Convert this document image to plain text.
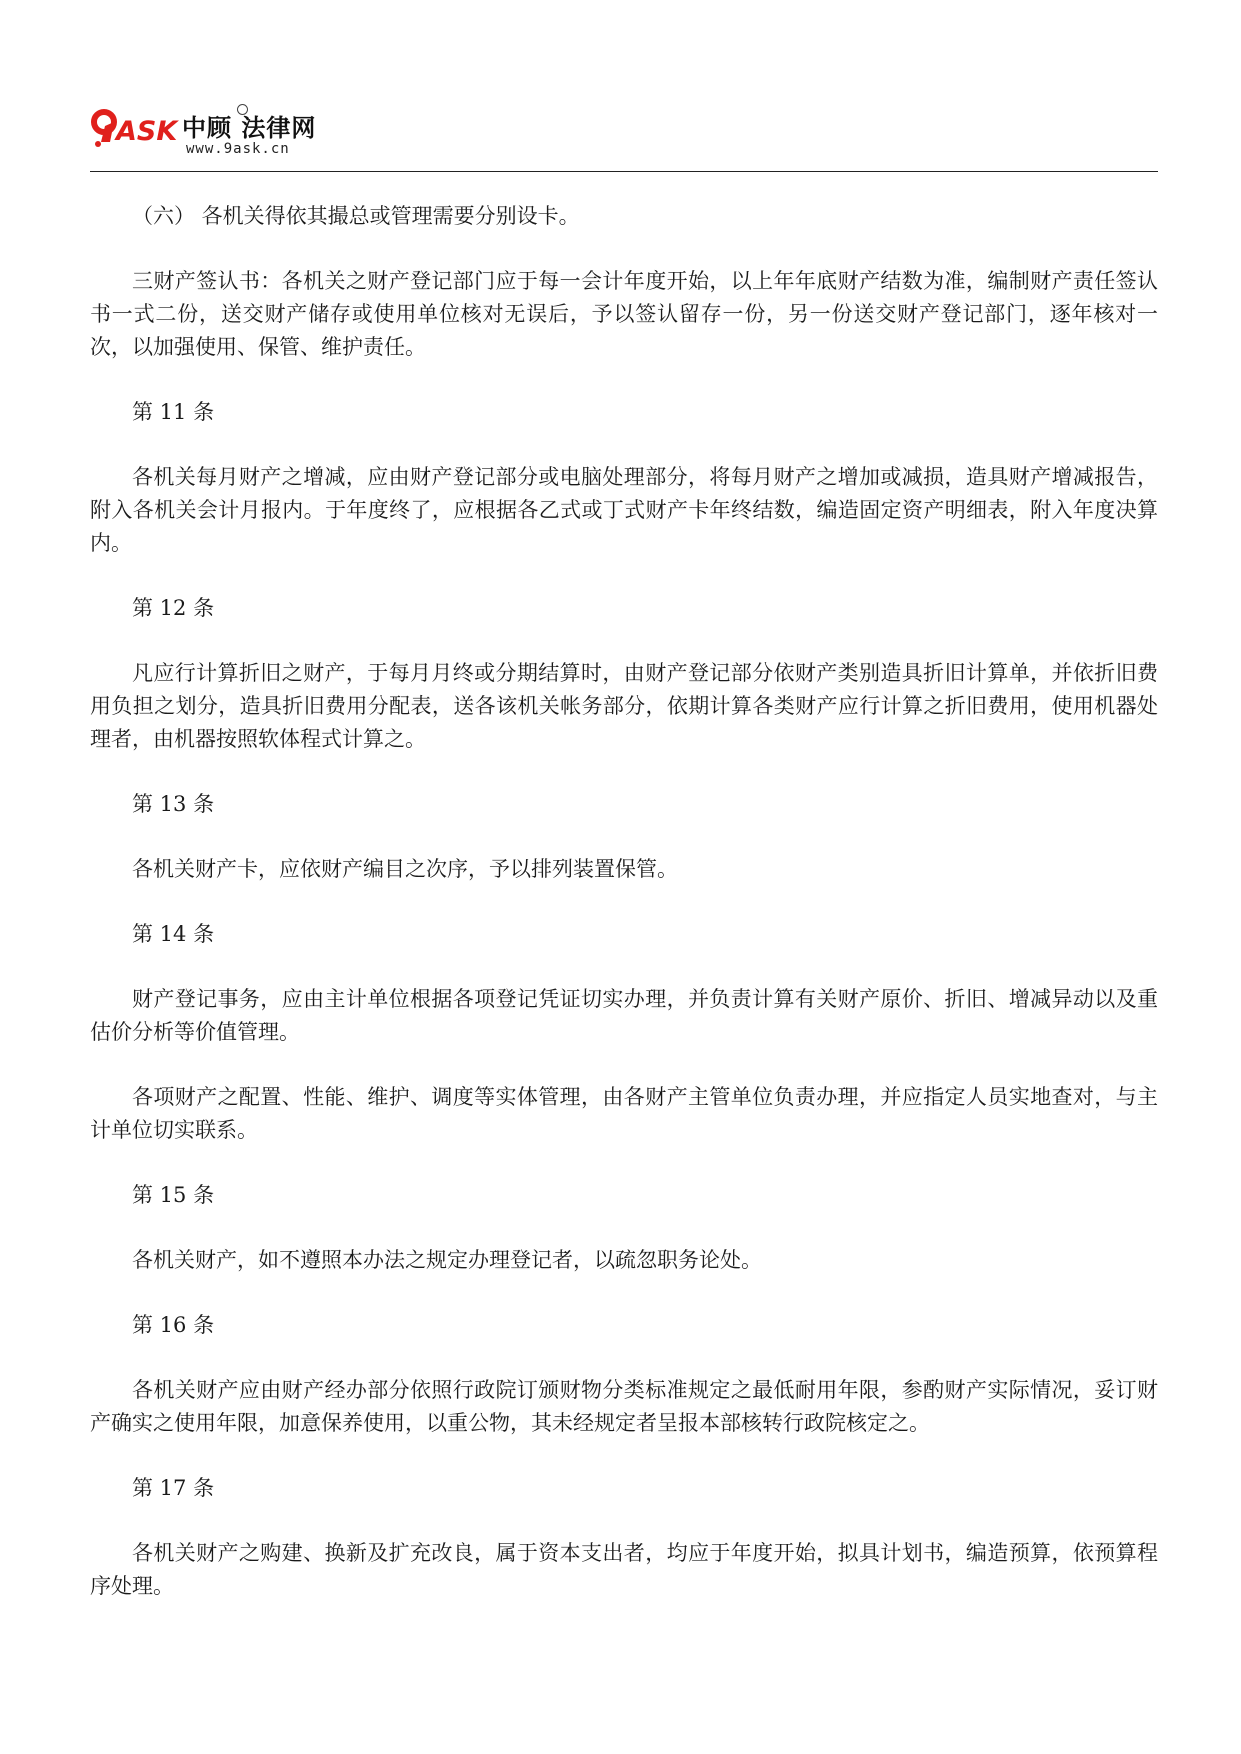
ASK 中顾 法律网
www.9ask.cn

（六） 各机关得依其撮总或管理需要分别设卡。

三财产签认书：各机关之财产登记部门应于每一会计年度开始，以上年年底财产结数为准，编制财产责任签认书一式二份，送交财产储存或使用单位核对无误后，予以签认留存一份，另一份送交财产登记部门，逐年核对一次，以加强使用、保管、维护责任。

第 11 条

各机关每月财产之增减，应由财产登记部分或电脑处理部分，将每月财产之增加或减损，造具财产增减报告，附入各机关会计月报内。于年度终了，应根据各乙式或丁式财产卡年终结数，编造固定资产明细表，附入年度决算内。

第 12 条

凡应行计算折旧之财产，于每月月终或分期结算时，由财产登记部分依财产类别造具折旧计算单，并依折旧费用负担之划分，造具折旧费用分配表，送各该机关帐务部分，依期计算各类财产应行计算之折旧费用，使用机器处理者，由机器按照软体程式计算之。

第 13 条

各机关财产卡，应依财产编目之次序，予以排列装置保管。

第 14 条

财产登记事务，应由主计单位根据各项登记凭证切实办理，并负责计算有关财产原价、折旧、增减异动以及重估价分析等价值管理。

各项财产之配置、性能、维护、调度等实体管理，由各财产主管单位负责办理，并应指定人员实地查对，与主计单位切实联系。

第 15 条

各机关财产，如不遵照本办法之规定办理登记者，以疏忽职务论处。

第 16 条

各机关财产应由财产经办部分依照行政院订颁财物分类标准规定之最低耐用年限，参酌财产实际情况，妥订财产确实之使用年限，加意保养使用，以重公物，其未经规定者呈报本部核转行政院核定之。

第 17 条

各机关财产之购建、换新及扩充改良，属于资本支出者，均应于年度开始，拟具计划书，编造预算，依预算程序处理。
